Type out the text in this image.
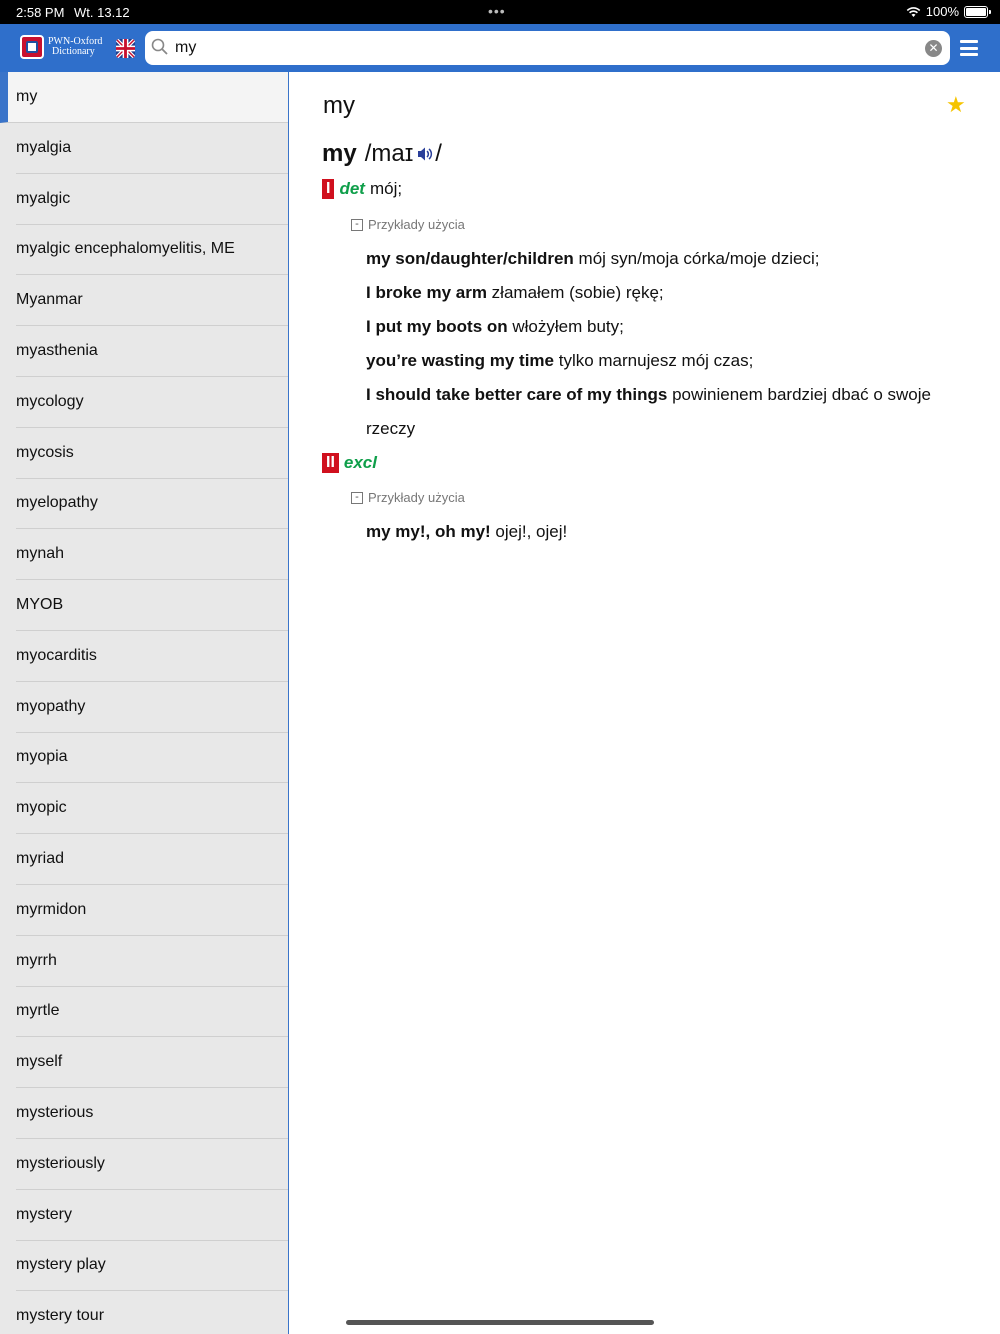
2:58 PM Wt. 13.12	•••	100%
PWN-Oxford
Dictionary
my	✕
my
myalgia
myalgic
myalgic encephalomyelitis, ME
Myanmar
myasthenia
mycology
mycosis
myelopathy
mynah
MYOB
myocarditis
myopathy
myopia
myopic
myriad
myrmidon
myrrh
myrtle
myself
mysterious
mysteriously
mystery
mystery play
mystery tour
my	★
my /maɪ /
I det mój;
- Przykłady użycia
my son/daughter/children mój syn/moja córka/moje dzieci;
I broke my arm złamałem (sobie) rękę;
I put my boots on włożyłem buty;
you’re wasting my time tylko marnujesz mój czas;
I should take better care of my things powinienem bardziej dbać o swoje rzeczy
II excl
- Przykłady użycia
my my!, oh my! ojej!, ojej!
